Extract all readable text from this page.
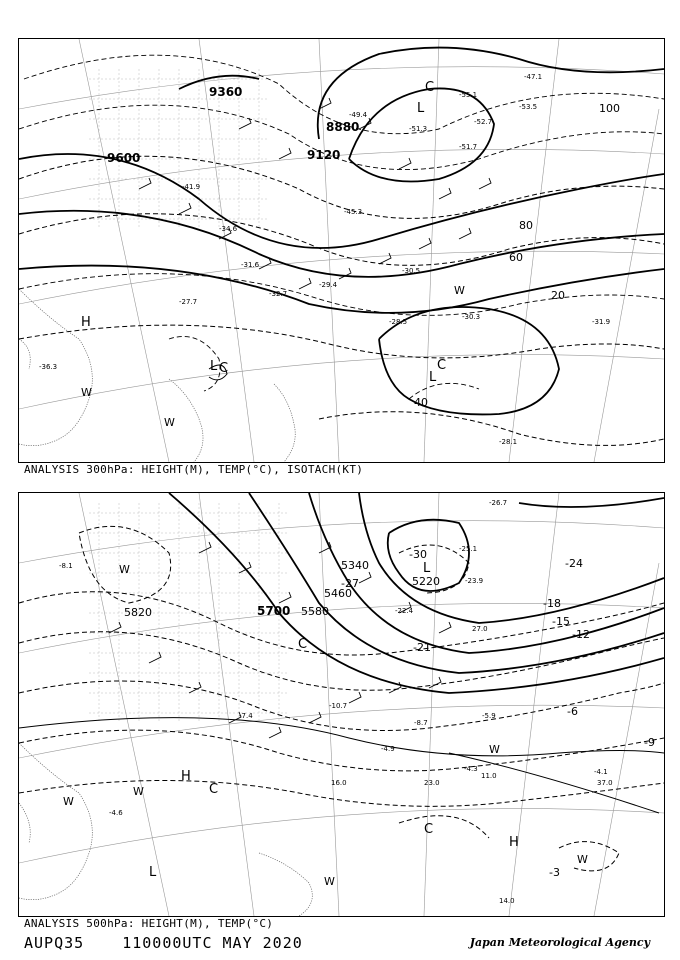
9600
9360
9120
8880
20
40
60
80
100
-28.5
-29.4
-30.5
-31.6
-32.7
-34.6
-36.3
-41.9
-45.3
-47.1
-49.4
-51.3
-51.7
-52.7
-53.5
-55.1
-28.1
-30.3
-31.9
-27.7
H
L
L
L
C
C	C
W
W
W
ANALYSIS 300hPa: HEIGHT(M), TEMP(°C), ISOTACH(KT)
5820	5700 5580
5460
5340
5220
-3
-6
-9
-12
-15
-18
-21
-24
-27
-30
-4.9
-4.3
-5.9
-8.7
-10.7
-22.4
-25.1
-26.7
-23.9
-4.1
-7.4
-8.1
-4.6
16.0
11.0
37.0
14.0
27.0
23.0
H
H
L
L
C
C
C
W
W
W
W
W
W
ANALYSIS 500hPa: HEIGHT(M), TEMP(°C)
AUPQ35	110000UTC MAY 2020	Japan Meteorological Agency
